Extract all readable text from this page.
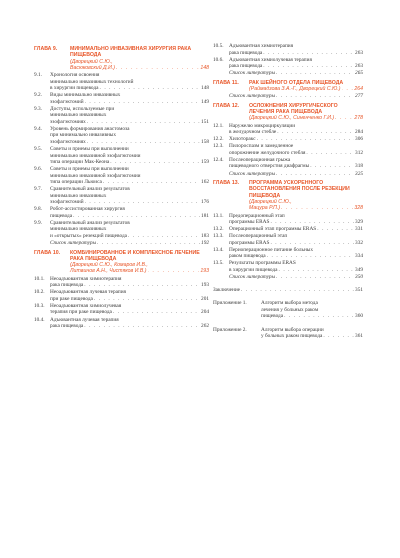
ГЛАВА 9.	МИНИМАЛЬНО ИНВАЗИВНАЯ ХИРУРГИЯ РАКА ПИЩЕВОДА
(Дворецкий С.Ю.,
Васюковский Д.И.) . . .	148
9.1.	Хронология освоения
минимально инвазивных технологий
в хирургии пищевода . . .	148
9.2.	Виды минимально инвазивных
эзофагэктомий . . .	149
9.3.	Доступы, используемые при
минимально инвазивных
эзофагэктомиях . . .	151
9.4.	Уровень формирования анастомоза
при минимально инвазивных
эзофагэктомиях . . .	158
9.5.	Советы и приемы при выполнении
минимально инвазивной эзофагэктомии
типа операции Мак-Кеона . . .	159
9.6.	Советы и приемы при выполнении
минимально инвазивной эзофагэктомии
типа операции Льюиса . . .	162
9.7.	Сравнительный анализ результатов
минимально инвазивных
эзофагэктомий . . .	176
9.8.	Робот-ассистированная хирургия
пищевода . . .	181
9.9.	Сравнительный анализ результатов
минимально инвазивных
и «открытых» резекций пищевода . . .	183
Список литературы . . .	192
ГЛАВА 10.	КОМБИНИРОВАННОЕ И КОМПЛЕКСНОЕ ЛЕЧЕНИЕ РАКА ПИЩЕВОДА
(Дворецкий С.Ю., Комаров И.В.,
Литвинов А.Н., Чистяков И.В.) . . .	193
10.1.	Неоадъювантная химиотерапия
рака пищевода . . .	193
10.2.	Неоадъювантная лучевая терапия
при раке пищевода . . .	201
10.3.	Неоадъювантная химиолучевая
терапия при раке пищевода . . .	204
10.4.	Адъювантная лучевая терапия
рака пищевода . . .	262
10.5.	Адъювантная химиотерапия
рака пищевода . . .	263
10.6.	Адъювантная химиолучевая терапия
рака пищевода . . .	263
Список литературы . . .	265
ГЛАВА 11.	РАК ШЕЙНОГО ОТДЕЛА ПИЩЕВОДА
(Раймадзова З.А.-Г., Дворецкий С.Ю.) . . .	264
Список литературы . . .	277
ГЛАВА 12.	ОСЛОЖНЕНИЯ ХИРУРГИЧЕСКОГО ЛЕЧЕНИЯ РАКА ПИЩЕВОДА
(Дворецкий С.Ю., Синенченко Г.И.) . . .	278
12.1.	Наружелю микроциркуляции
в желудочном стебле . . .	284
12.2.	Хилоторакс . . .	306
12.3.	Пилороспазм и замедленное
опорожнение желудочного стебля . . .	312
12.4.	Послеоперационная грыжа
пищеводного отверстия диафрагмы . . .	318
Список литературы . . .	325
ГЛАВА 13.	ПРОГРАММА УСКОРЕННОГО ВОССТАНОВЛЕНИЯ ПОСЛЕ РЕЗЕКЦИИ ПИЩЕВОДА
(Дворецкий С.Ю.,
Мацура Р.П.) . . .	328
13.1.	Предоперационный этап
программы ERAS . . .	329
13.2.	Операционный этап программы ERAS . . .	331
13.3.	Послеоперационный этап
программы ERAS . . .	332
13.4.	Периоперационное питание больных
раком пищевода . . .	334
13.5.	Результаты программы ERAS
в хирургии пищевода . . .	349
Список литературы . . .	350
Заключение . . .	351
Приложение 1.	Алгоритм выбора метода
лечения у больных раком
пищевода . . .	360
Приложение 2.	Алгоритм выбора операции
у больных раком пищевода . . .	361
